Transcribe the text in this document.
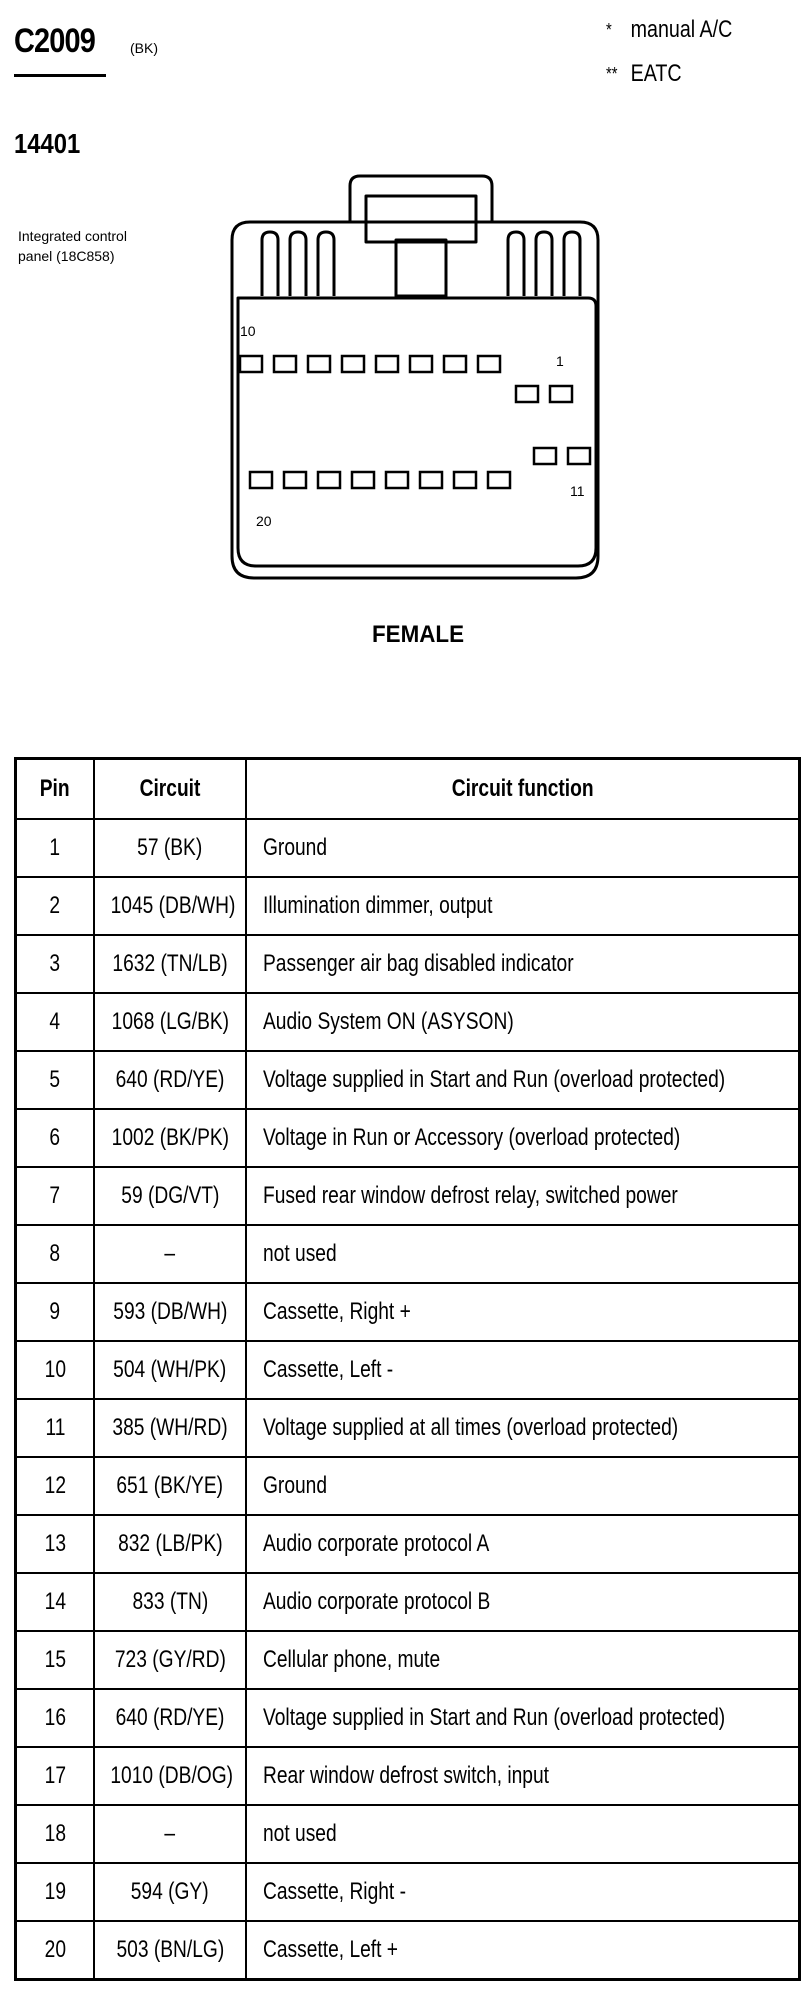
C2009	(BK)
14401
Integrated control panel (18C858)
* manual A/C
** EATC
10
1
11
20
FEMALE
Pin	Circuit	Circuit function
1	57 (BK)	Ground
2	1045 (DB/WH)	Illumination dimmer, output
3	1632 (TN/LB)	Passenger air bag disabled indicator
4	1068 (LG/BK)	Audio System ON (ASYSON)
5	640 (RD/YE)	Voltage supplied in Start and Run (overload protected)
6	1002 (BK/PK)	Voltage in Run or Accessory (overload protected)
7	59 (DG/VT)	Fused rear window defrost relay, switched power
8	–	not used
9	593 (DB/WH)	Cassette, Right +
10	504 (WH/PK)	Cassette, Left -
11	385 (WH/RD)	Voltage supplied at all times (overload protected)
12	651 (BK/YE)	Ground
13	832 (LB/PK)	Audio corporate protocol A
14	833 (TN)	Audio corporate protocol B
15	723 (GY/RD)	Cellular phone, mute
16	640 (RD/YE)	Voltage supplied in Start and Run (overload protected)
17	1010 (DB/OG)	Rear window defrost switch, input
18	–	not used
19	594 (GY)	Cassette, Right -
20	503 (BN/LG)	Cassette, Left +
